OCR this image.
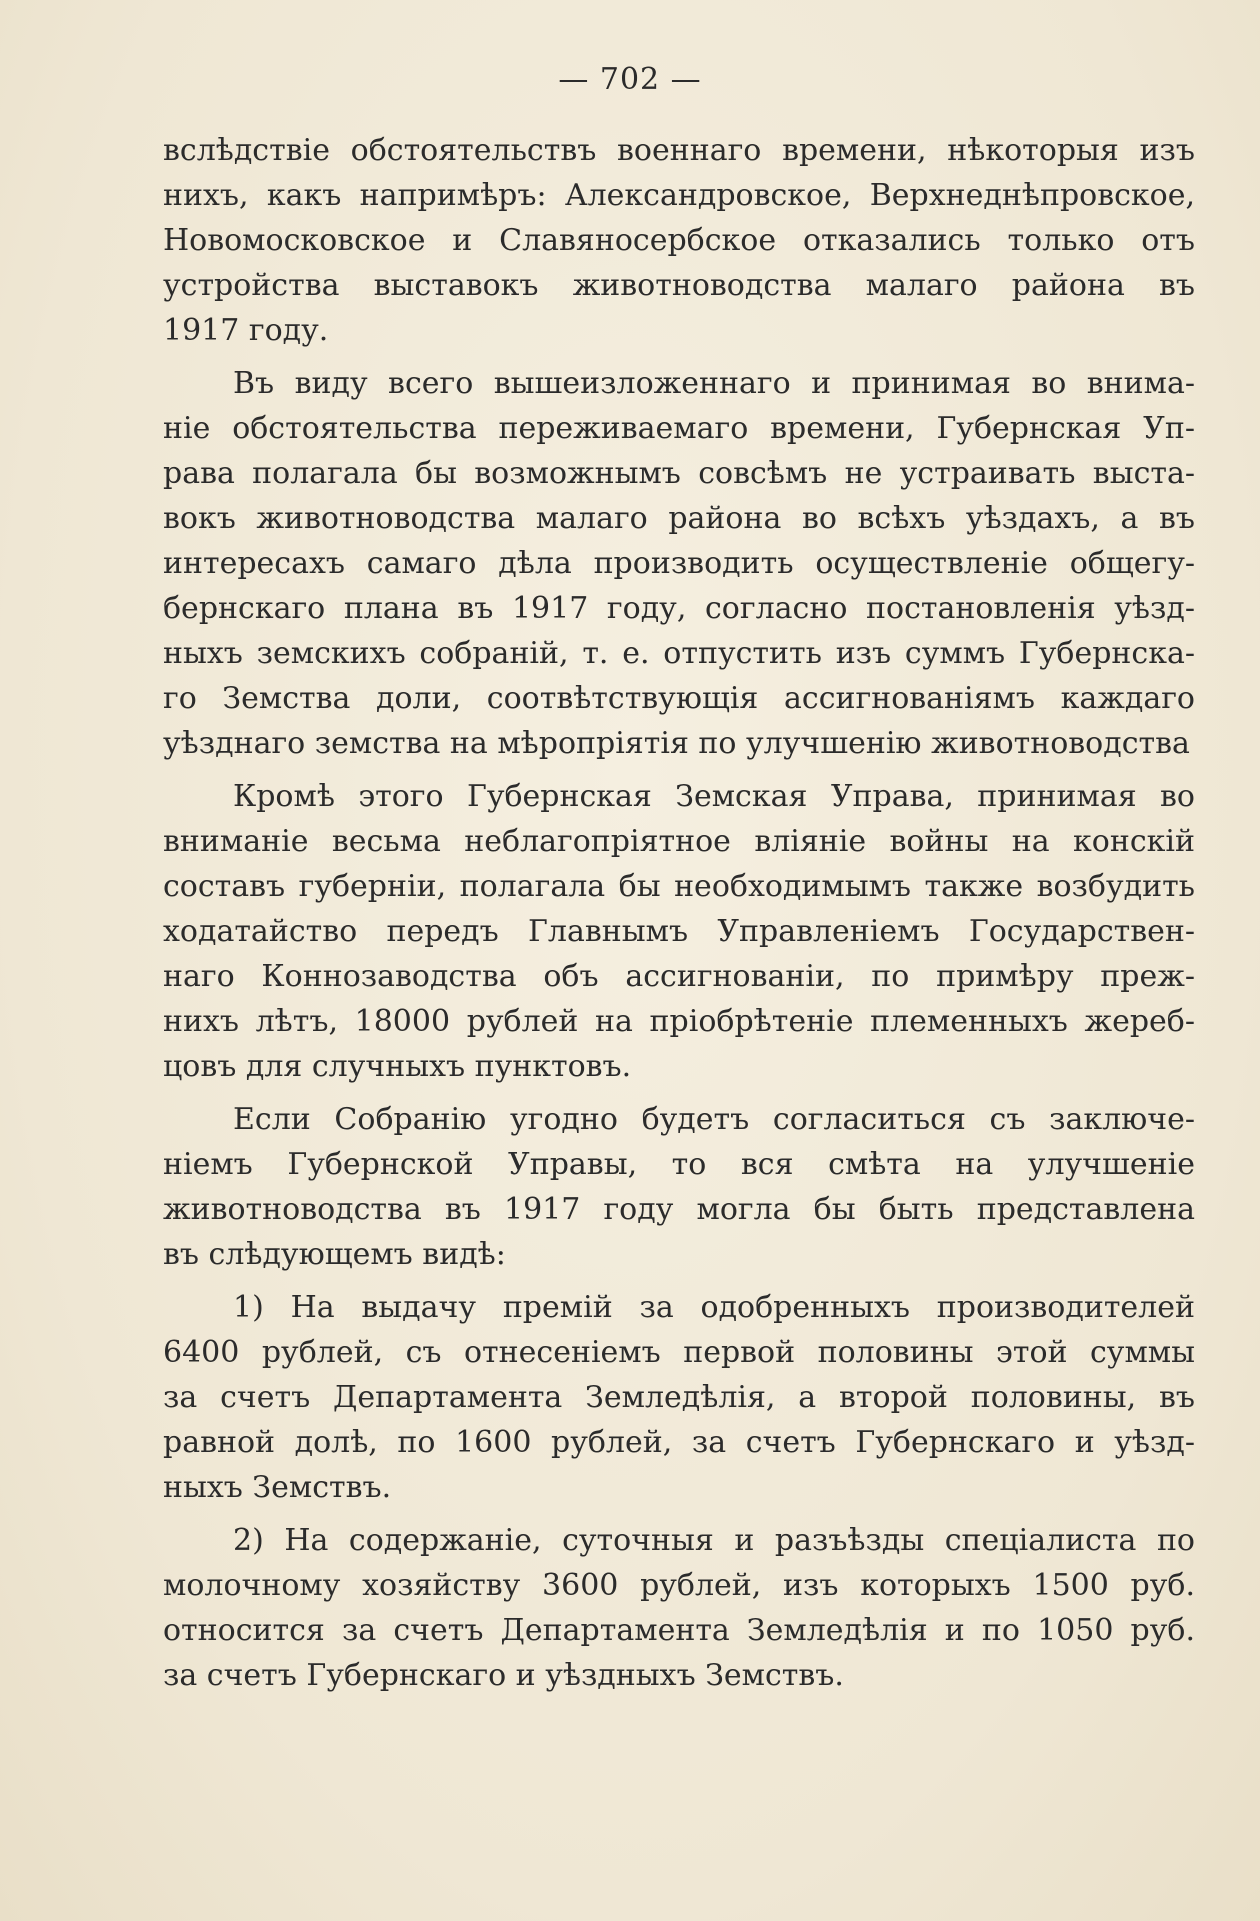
— 702 —
вслѣдствіе обстоятельствъ военнаго времени, нѣкоторыя изъ
нихъ, какъ напримѣръ: Александровское, Верхнеднѣпровское,
Новомосковское и Славяносербское отказались только отъ
устройства выставокъ животноводства малаго района въ
1917 году.
Въ виду всего вышеизложеннаго и принимая во внима-
ніе обстоятельства переживаемаго времени, Губернская Уп-
рава полагала бы возможнымъ совсѣмъ не устраивать выста-
вокъ животноводства малаго района во всѣхъ уѣздахъ, а въ
интересахъ самаго дѣла производить осуществленіе общегу-
бернскаго плана въ 1917 году, согласно постановленія уѣзд-
ныхъ земскихъ собраній, т. е. отпустить изъ суммъ Губернска-
го Земства доли, соотвѣтствующія ассигнованіямъ каждаго
уѣзднаго земства на мѣропріятія по улучшенію животноводства
Кромѣ этого Губернская Земская Управа, принимая во
вниманіе весьма неблагопріятное вліяніе войны на конскій
составъ губерніи, полагала бы необходимымъ также возбудить
ходатайство передъ Главнымъ Управленіемъ Государствен-
наго Коннозаводства объ ассигнованіи, по примѣру преж-
нихъ лѣтъ, 18000 рублей на пріобрѣтеніе племенныхъ жереб-
цовъ для случныхъ пунктовъ.
Если Собранію угодно будетъ согласиться съ заключе-
ніемъ Губернской Управы, то вся смѣта на улучшеніе
животноводства въ 1917 году могла бы быть представлена
въ слѣдующемъ видѣ:
1) На выдачу премій за одобренныхъ производителей
6400 рублей, съ отнесеніемъ первой половины этой суммы
за счетъ Департамента Земледѣлія, а второй половины, въ
равной долѣ, по 1600 рублей, за счетъ Губернскаго и уѣзд-
ныхъ Земствъ.
2) На содержаніе, суточныя и разъѣзды спеціалиста по
молочному хозяйству 3600 рублей, изъ которыхъ 1500 руб.
относится за счетъ Департамента Земледѣлія и по 1050 руб.
за счетъ Губернскаго и уѣздныхъ Земствъ.
